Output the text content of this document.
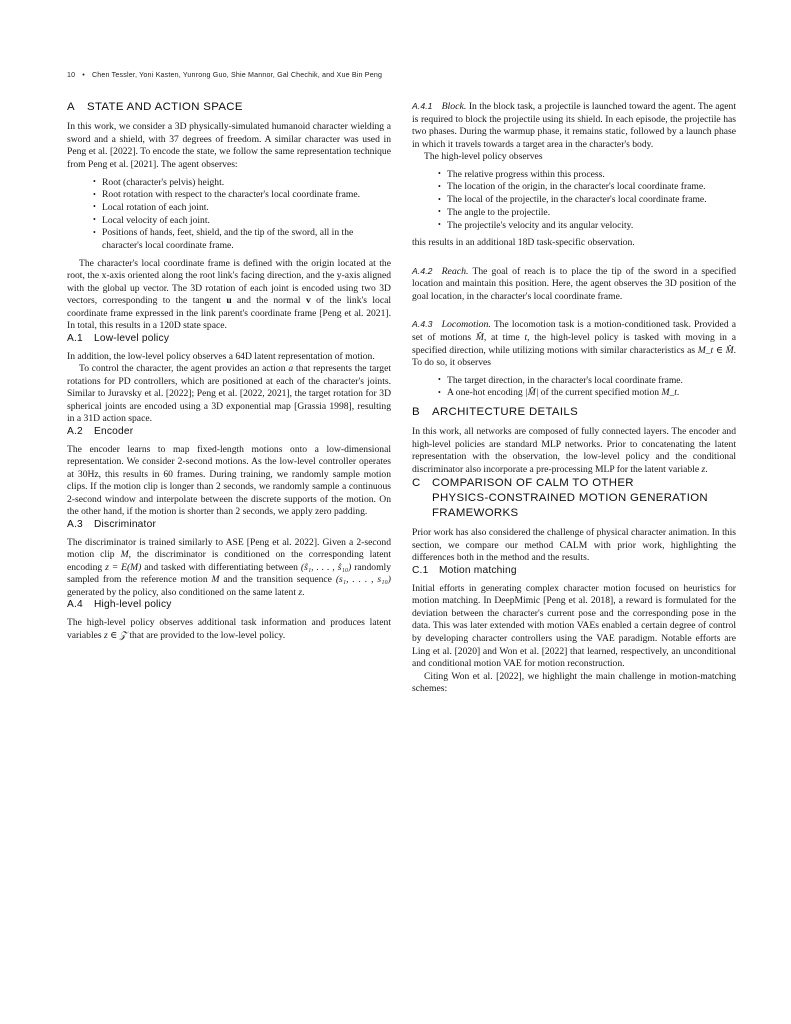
10 • Chen Tessler, Yoni Kasten, Yunrong Guo, Shie Mannor, Gal Chechik, and Xue Bin Peng
A STATE AND ACTION SPACE

In this work, we consider a 3D physically-simulated humanoid character wielding a sword and a shield, with 37 degrees of freedom. A similar character was used in Peng et al. [2022]. To encode the state, we follow the same representation technique from Peng et al. [2021]. The agent observes:

• Root (character's pelvis) height.
• Root rotation with respect to the character's local coordinate frame.
• Local rotation of each joint.
• Local velocity of each joint.
• Positions of hands, feet, shield, and the tip of the sword, all in the character's local coordinate frame.

The character's local coordinate frame is defined with the origin located at the root, the x-axis oriented along the root link's facing direction, and the y-axis aligned with the global up vector. The 3D rotation of each joint is encoded using two 3D vectors, corresponding to the tangent u and the normal v of the link's local coordinate frame expressed in the link parent's coordinate frame [Peng et al. 2021]. In total, this results in a 120D state space.

A.1 Low-level policy

In addition, the low-level policy observes a 64D latent representation of motion.

To control the character, the agent provides an action a that represents the target rotations for PD controllers, which are positioned at each of the character's joints. Similar to Juravsky et al. [2022]; Peng et al. [2022, 2021], the target rotation for 3D spherical joints are encoded using a 3D exponential map [Grassia 1998], resulting in a 31D action space.

A.2 Encoder

The encoder learns to map fixed-length motions onto a low-dimensional representation. We consider 2-second motions. As the low-level controller operates at 30Hz, this results in 60 frames. During training, we randomly sample motion clips. If the motion clip is longer than 2 seconds, we randomly sample a continuous 2-second window and interpolate between the discrete supports of the motion. On the other hand, if the motion is shorter than 2 seconds, we apply zero padding.

A.3 Discriminator

The discriminator is trained similarly to ASE [Peng et al. 2022]. Given a 2-second motion clip M, the discriminator is conditioned on the corresponding latent encoding z = E(M) and tasked with differentiating between (ŝ₁, . . . , ŝ₁₀) randomly sampled from the reference motion M and the transition sequence (s₁, . . . , s₁₀) generated by the policy, also conditioned on the same latent z.

A.4 High-level policy

The high-level policy observes additional task information and produces latent variables z ∈ 𝒵 that are provided to the low-level policy.

A.4.1 Block. In the block task, a projectile is launched toward the agent. The agent is required to block the projectile using its shield. In each episode, the projectile has two phases. During the warmup phase, it remains static, followed by a launch phase in which it travels towards a target area in the character's body.

The high-level policy observes

• The relative progress within this process.
• The location of the origin, in the character's local coordinate frame.
• The local of the projectile, in the character's local coordinate frame.
• The angle to the projectile.
• The projectile's velocity and its angular velocity.

this results in an additional 18D task-specific observation.

A.4.2 Reach. The goal of reach is to place the tip of the sword in a specified location and maintain this position. Here, the agent observes the 3D position of the goal location, in the character's local coordinate frame.

A.4.3 Locomotion. The locomotion task is a motion-conditioned task. Provided a set of motions M̂, at time t, the high-level policy is tasked with moving in a specified direction, while utilizing motions with similar characteristics as M_t ∈ M̂. To do so, it observes

• The target direction, in the character's local coordinate frame.
• A one-hot encoding |M̂| of the current specified motion M_t.
B ARCHITECTURE DETAILS

In this work, all networks are composed of fully connected layers. The encoder and high-level policies are standard MLP networks. Prior to concatenating the latent representation with the observation, the low-level policy and the conditional discriminator also incorporate a pre-processing MLP for the latent variable z.

C COMPARISON OF CALM TO OTHER
PHYSICS-CONSTRAINED MOTION GENERATION
FRAMEWORKS

Prior work has also considered the challenge of physical character animation. In this section, we compare our method CALM with prior work, highlighting the differences both in the method and the results.

C.1 Motion matching

Initial efforts in generating complex character motion focused on heuristics for motion matching. In DeepMimic [Peng et al. 2018], a reward is formulated for the deviation between the character's current pose and the corresponding pose in the data. This was later extended with motion VAEs enabled a certain degree of control by developing character controllers using the VAE paradigm. Notable efforts are Ling et al. [2020] and Won et al. [2022] that learned, respectively, an unconditional and conditional motion VAE for motion reconstruction.

Citing Won et al. [2022], we highlight the main challenge in motion-matching schemes:
